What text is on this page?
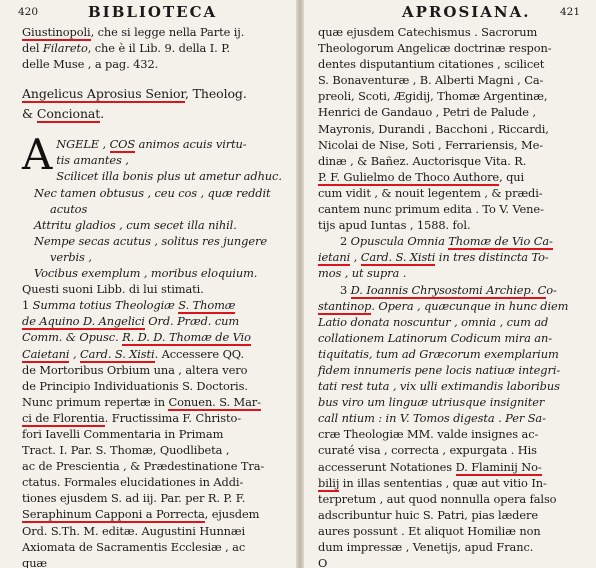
420	BIBLIOTECA
Giustinopoli, che si legge nella Parte ij.
del Filareto, che è il Lib. 9. della I. P.
delle Muse , a pag. 432.
Angelicus Aprosius Senior, Theolog.
& Concionat.
ANGELE , COS animos acuis virtu-
tis amantes ,
Scilicet illa bonis plus ut ametur adhuc.
Nec tamen obtusus , ceu cos , quæ reddit
acutos
Attritu gladios , cum secet illa nihil.
Nempe secas acutus , solitus res jungere
verbis ,
Vocibus exemplum , moribus eloquium.
Questi suoni Libb. di lui stimati.
1 Summa totius Theologiæ S. Thomæ
de Aquino D. Angelici Ord. Præd. cum
Comm. & Opusc. R. D. D. Thomæ de Vio
Caietani , Card. S. Xisti. Accessere QQ.
de Mortoribus Orbium una , altera vero
de Principio Individuationis S. Doctoris.
Nunc primum repertæ in Conuen. S. Mar-
ci de Florentia. Fructissima F. Christo-
fori Iavelli Commentaria in Primam
Tract. I. Par. S. Thomæ, Quodlibeta ,
ac de Prescientia , & Prædestinatione Tra-
ctatus. Formales elucidationes in Addi-
tiones ejusdem S. ad iij. Par. per R. P. F.
Seraphinum Capponi a Porrecta, ejusdem
Ord. S.Th. M. editæ. Augustini Hunnæi
Axiomata de Sacramentis Ecclesiæ , ac
quæ
APROSIANA.	421
quæ ejusdem Catechismus . Sacrorum
Theologorum Angelicæ doctrinæ respon-
dentes disputantium citationes , scilicet
S. Bonaventuræ , B. Alberti Magni , Ca-
preoli, Scoti, Ægidij, Thomæ Argentinæ,
Henrici de Gandauo , Petri de Palude ,
Mayronis, Durandi , Bacchoni , Riccardi,
Nicolai de Nise, Soti , Ferrariensis, Me-
dinæ , & Bañez. Auctorisque Vita. R.
P. F. Gulielmo de Thoco Authore, qui
cum vidit , & nouit legentem , & prædi-
cantem nunc primum edita . To V. Vene-
tijs apud Iuntas , 1588. fol.
2 Opuscula Omnia Thomæ de Vio Ca-
ietani , Card. S. Xisti in tres distincta To-
mos , ut supra .
3 D. Ioannis Chrysostomi Archiep. Co-
stantinop. Opera , quæcunque in hunc diem
Latio donata noscuntur , omnia , cum ad
collationem Latinorum Codicum mira an-
tiquitatis, tum ad Græcorum exemplarium
fidem innumeris pene locis natiuæ integri-
tati rest tuta , vix ulli extimandis laboribus
bus viro um linguæ utriusque insigniter
call ntium : in V. Tomos digesta . Per Sa-
cræ Theologiæ MM. valde insignes ac-
curaté visa , correcta , expurgata . His
accesserunt Notationes D. Flaminij No-
bilij in illas sententias , quæ aut vitio In-
terpretum , aut quod nonnulla opera falso
adscribuntur huic S. Patri, pias lædere
aures possunt . Et aliquot Homiliæ non
dum impressæ , Venetijs, apud Franc.
O
